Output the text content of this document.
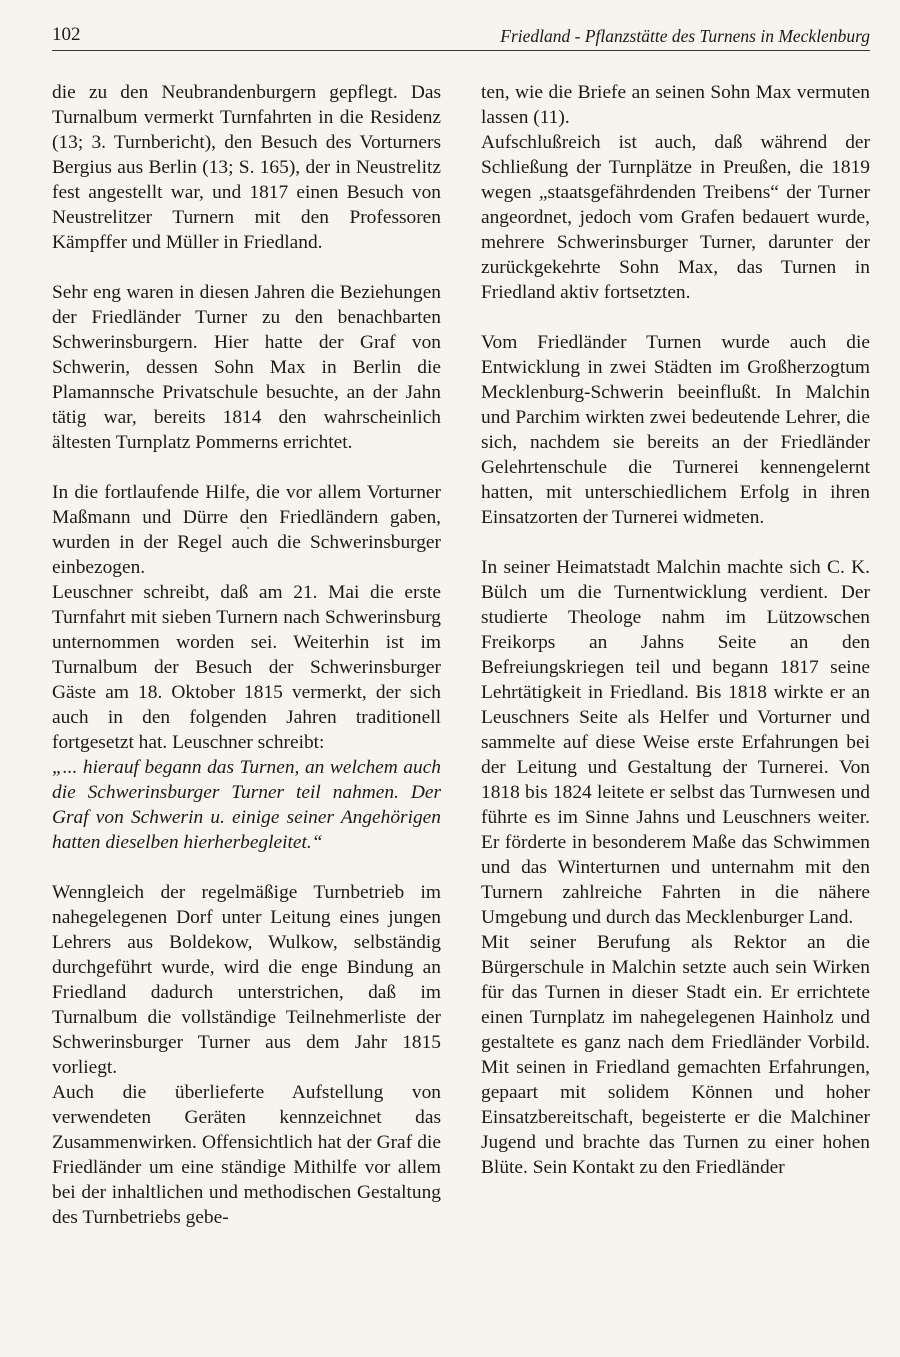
102	Friedland - Pflanzstätte des Turnens in Mecklenburg

die zu den Neubrandenburgern gepflegt. Das Turnalbum vermerkt Turnfahrten in die Residenz (13; 3. Turnbericht), den Besuch des Vorturners Bergius aus Berlin (13; S. 165), der in Neustrelitz fest angestellt war, und 1817 einen Besuch von Neustrelitzer Turnern mit den Professoren Kämpffer und Müller in Friedland.

Sehr eng waren in diesen Jahren die Beziehungen der Friedländer Turner zu den benachbarten Schwerinsburgern. Hier hatte der Graf von Schwerin, dessen Sohn Max in Berlin die Plamannsche Privatschule besuchte, an der Jahn tätig war, bereits 1814 den wahrscheinlich ältesten Turnplatz Pommerns errichtet.

In die fortlaufende Hilfe, die vor allem Vorturner Maßmann und Dürre den Friedländern gaben, wurden in der Regel auch die Schwerinsburger einbezogen.

Leuschner schreibt, daß am 21. Mai die erste Turnfahrt mit sieben Turnern nach Schwerinsburg unternommen worden sei. Weiterhin ist im Turnalbum der Besuch der Schwerinsburger Gäste am 18. Oktober 1815 vermerkt, der sich auch in den folgenden Jahren traditionell fortgesetzt hat. Leuschner schreibt:

„... hierauf begann das Turnen, an welchem auch die Schwerinsburger Turner teil nahmen. Der Graf von Schwerin u. einige seiner Angehörigen hatten dieselben hierherbegleitet.“

Wenngleich der regelmäßige Turnbetrieb im nahegelegenen Dorf unter Leitung eines jungen Lehrers aus Boldekow, Wulkow, selbständig durchgeführt wurde, wird die enge Bindung an Friedland dadurch unterstrichen, daß im Turnalbum die vollständige Teilnehmerliste der Schwerinsburger Turner aus dem Jahr 1815 vorliegt.

Auch die überlieferte Aufstellung von verwendeten Geräten kennzeichnet das Zusammenwirken. Offensichtlich hat der Graf die Friedländer um eine ständige Mithilfe vor allem bei der inhaltlichen und methodischen Gestaltung des Turnbetriebs gebe-

ten, wie die Briefe an seinen Sohn Max vermuten lassen (11).

Aufschlußreich ist auch, daß während der Schließung der Turnplätze in Preußen, die 1819 wegen „staatsgefährdenden Treibens“ der Turner angeordnet, jedoch vom Grafen bedauert wurde, mehrere Schwerinsburger Turner, darunter der zurückgekehrte Sohn Max, das Turnen in Friedland aktiv fortsetzten.

Vom Friedländer Turnen wurde auch die Entwicklung in zwei Städten im Großherzogtum Mecklenburg-Schwerin beeinflußt. In Malchin und Parchim wirkten zwei bedeutende Lehrer, die sich, nachdem sie bereits an der Friedländer Gelehrtenschule die Turnerei kennengelernt hatten, mit unterschiedlichem Erfolg in ihren Einsatzorten der Turnerei widmeten.

In seiner Heimatstadt Malchin machte sich C. K. Bülch um die Turnentwicklung verdient. Der studierte Theologe nahm im Lützowschen Freikorps an Jahns Seite an den Befreiungskriegen teil und begann 1817 seine Lehrtätigkeit in Friedland. Bis 1818 wirkte er an Leuschners Seite als Helfer und Vorturner und sammelte auf diese Weise erste Erfahrungen bei der Leitung und Gestaltung der Turnerei. Von 1818 bis 1824 leitete er selbst das Turnwesen und führte es im Sinne Jahns und Leuschners weiter. Er förderte in besonderem Maße das Schwimmen und das Winterturnen und unternahm mit den Turnern zahlreiche Fahrten in die nähere Umgebung und durch das Mecklenburger Land.

Mit seiner Berufung als Rektor an die Bürgerschule in Malchin setzte auch sein Wirken für das Turnen in dieser Stadt ein. Er errichtete einen Turnplatz im nahegelegenen Hainholz und gestaltete es ganz nach dem Friedländer Vorbild. Mit seinen in Friedland gemachten Erfahrungen, gepaart mit solidem Können und hoher Einsatzbereitschaft, begeisterte er die Malchiner Jugend und brachte das Turnen zu einer hohen Blüte. Sein Kontakt zu den Friedländer
